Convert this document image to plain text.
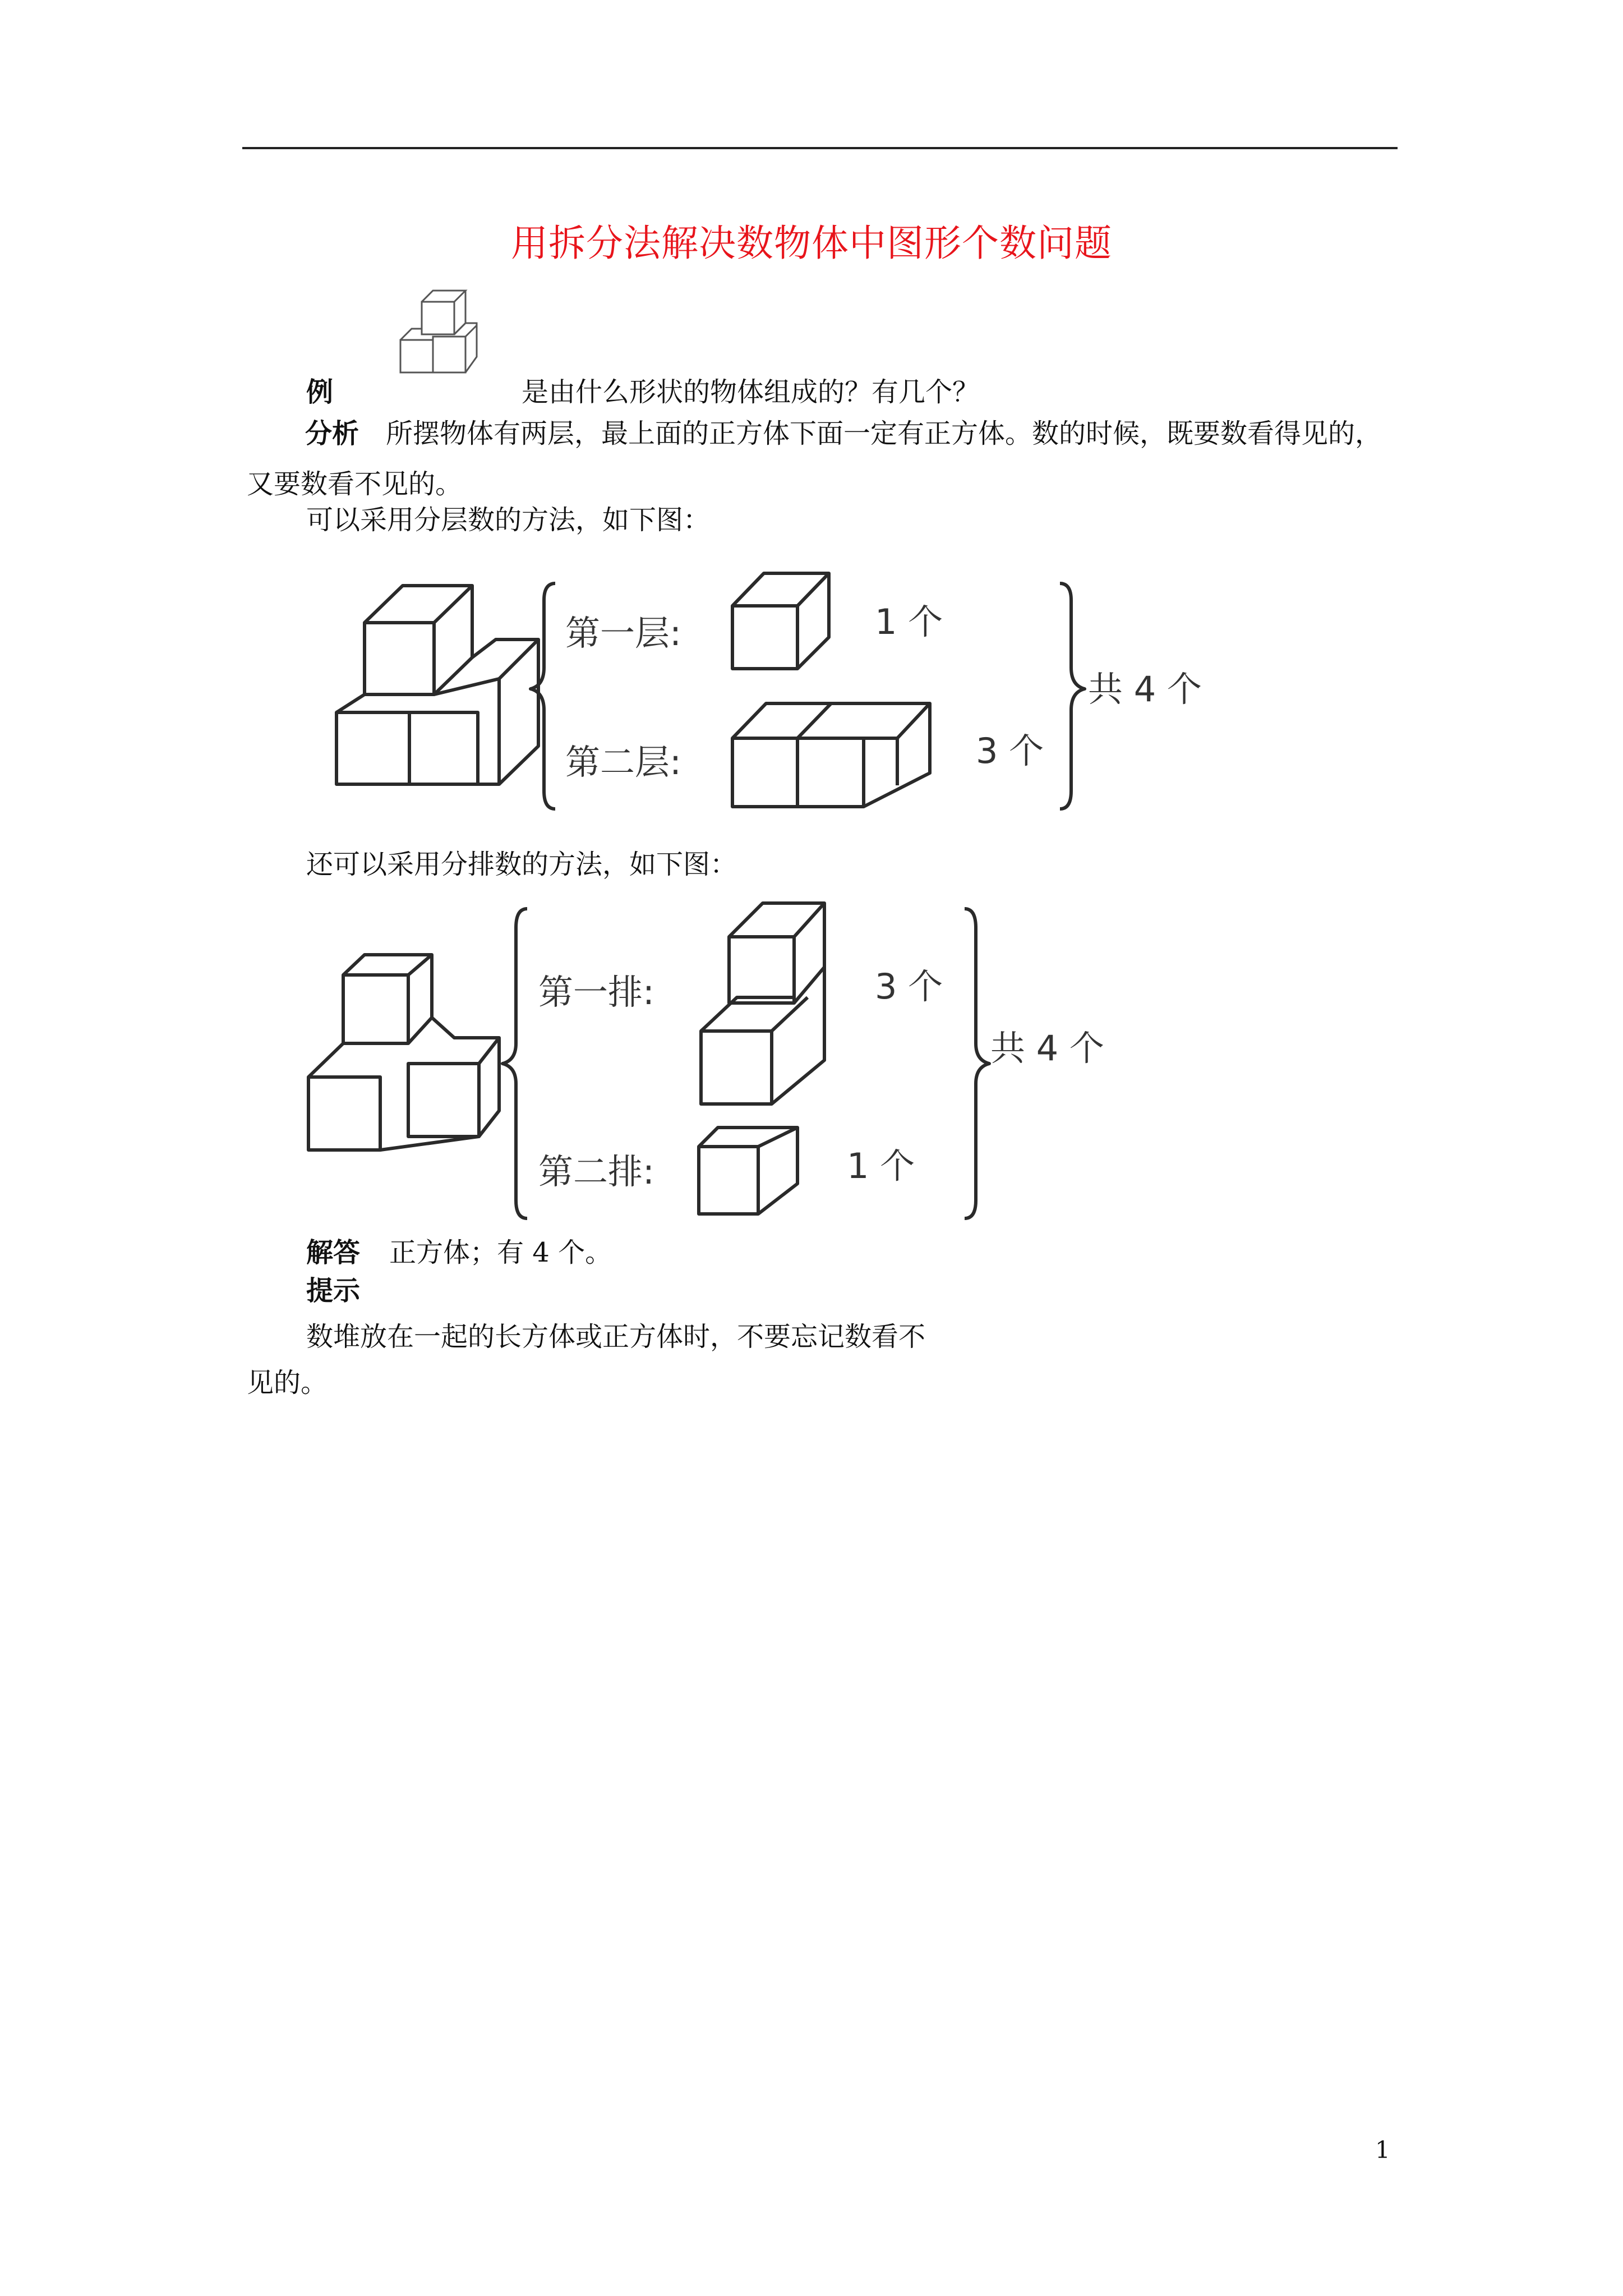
用拆分法解决数物体中图形个数问题
例	是由什么形状的物体组成的？有几个？
分析 所摆物体有两层，最上面的正方体下面一定有正方体。数的时候，既要数看得见的，又要数看不见的。
可以采用分层数的方法，如下图：
第一层:	1 个
第二层:	3 个
共 4 个
还可以采用分排数的方法，如下图：
第一排:	3 个
第二排:	1 个
共 4 个
解答 正方体；有 4 个。
提示
数堆放在一起的长方体或正方体时，不要忘记数看不
见的。
1
